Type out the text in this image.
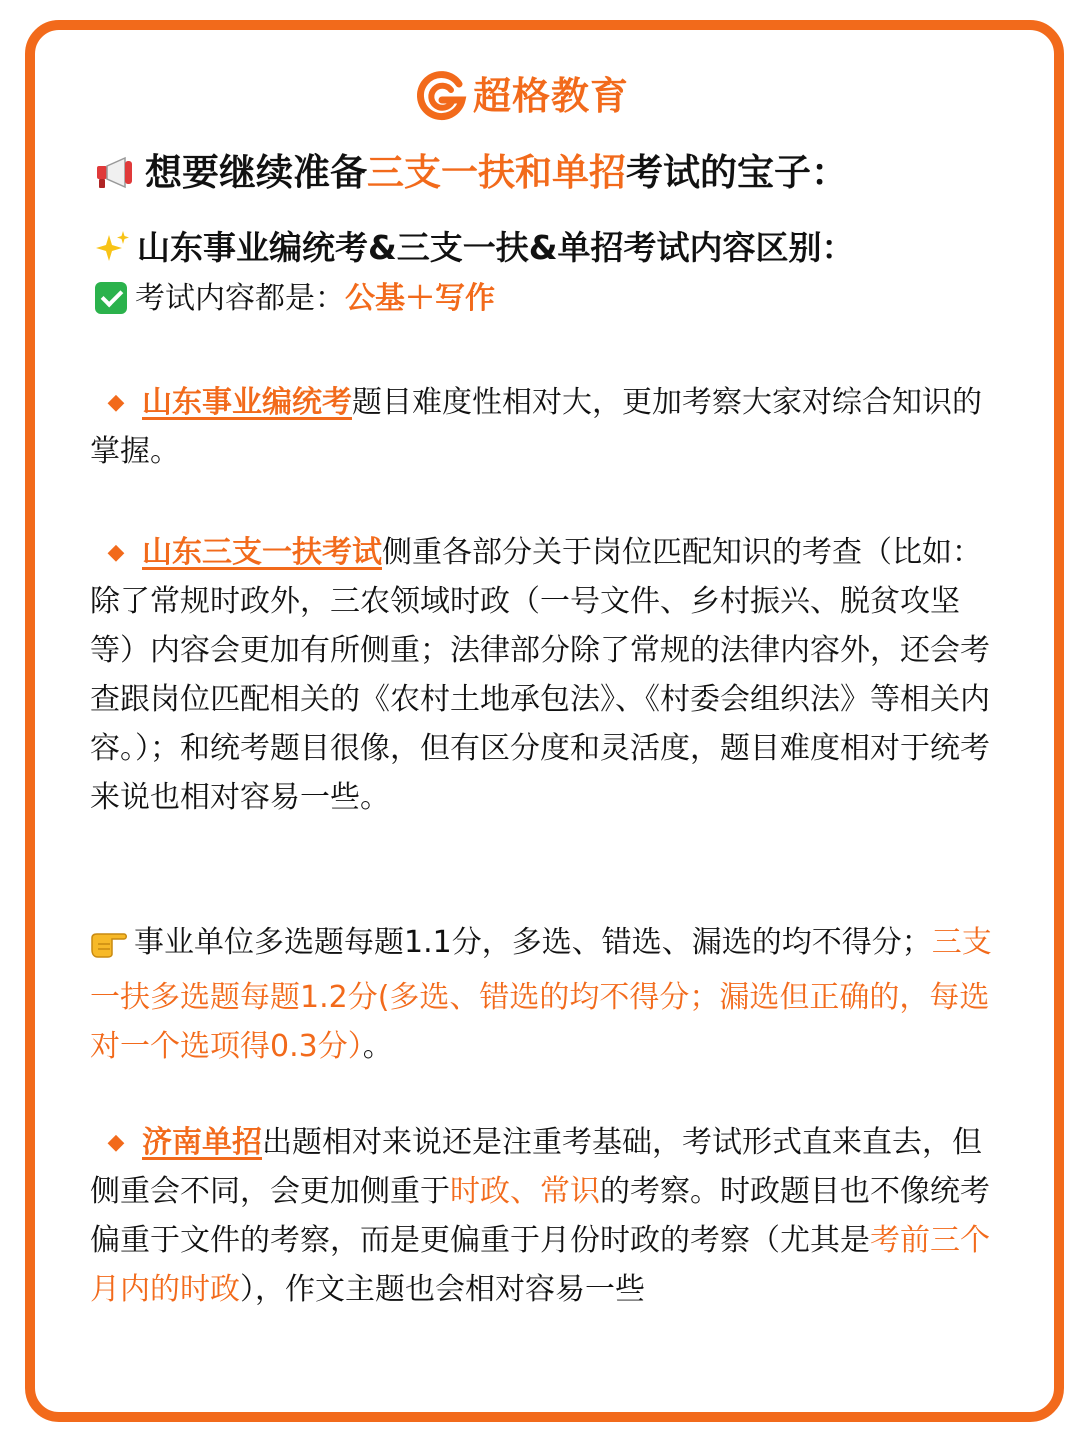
超格教育
想要继续准备三支一扶和单招考试的宝子：
山东事业编统考&三支一扶&单招考试内容区别：
考试内容都是：公基＋写作
◆ 山东事业编统考题目难度性相对大，更加考察大家对综合知识的掌握。
◆ 山东三支一扶考试侧重各部分关于岗位匹配知识的考查（比如：除了常规时政外，三农领域时政（一号文件、乡村振兴、脱贫攻坚等）内容会更加有所侧重；法律部分除了常规的法律内容外，还会考查跟岗位匹配相关的《农村土地承包法》、《村委会组织法》等相关内容。）；和统考题目很像，但有区分度和灵活度，题目难度相对于统考来说也相对容易一些。
事业单位多选题每题1.1分，多选、错选、漏选的均不得分；三支一扶多选题每题1.2分(多选、错选的均不得分；漏选但正确的，每选对一个选项得0.3分）。
◆ 济南单招出题相对来说还是注重考基础，考试形式直来直去，但侧重会不同，会更加侧重于时政、常识的考察。时政题目也不像统考偏重于文件的考察，而是更偏重于月份时政的考察（尤其是考前三个月内的时政），作文主题也会相对容易一些
